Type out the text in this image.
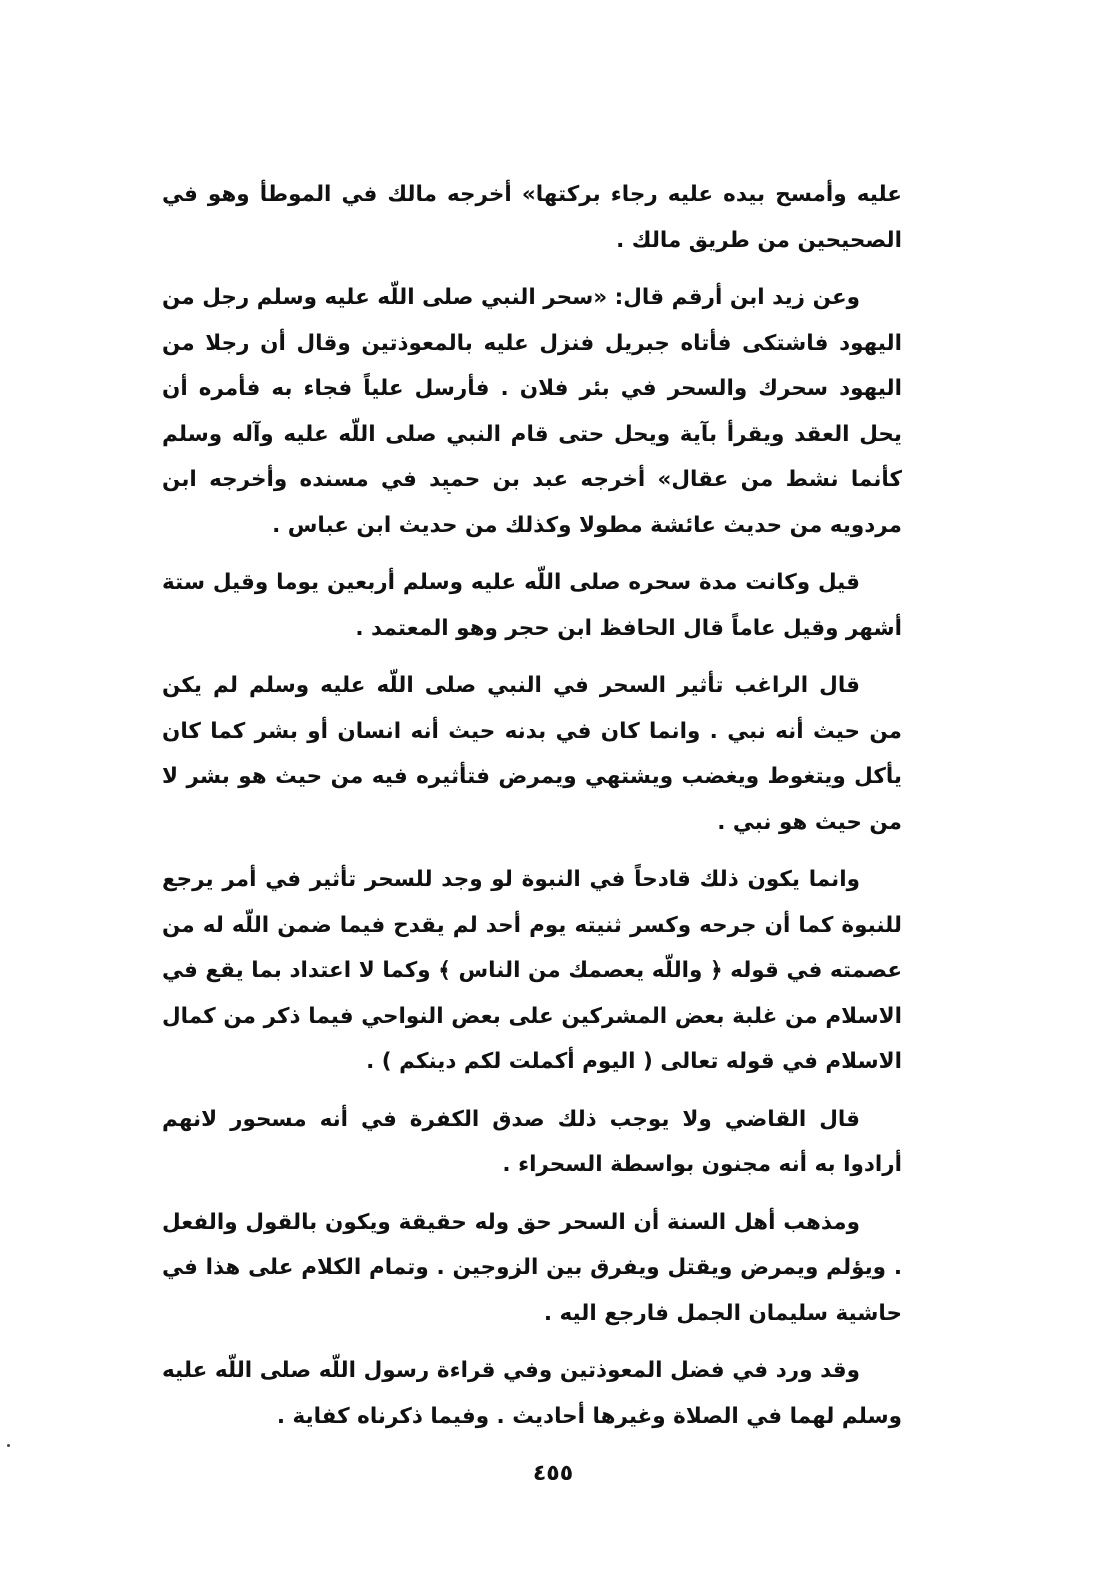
عليه وأمسح بيده عليه رجاء بركتها» أخرجه مالك في الموطأ وهو في الصحيحين من طريق مالك .

وعن زيد ابن أرقم قال: «سحر النبي صلى اللّه عليه وسلم رجل من اليهود فاشتكى فأتاه جبريل فنزل عليه بالمعوذتين وقال أن رجلا من اليهود سحرك والسحر في بئر فلان . فأرسل علياً فجاء به فأمره أن يحل العقد ويقرأ بآية ويحل حتى قام النبي صلى اللّه عليه وآله وسلم كأنما نشط من عقال» أخرجه عبد بن حميد في مسنده وأخرجه ابن مردويه من حديث عائشة مطولا وكذلك من حديث ابن عباس .

قيل وكانت مدة سحره صلى اللّه عليه وسلم أربعين يوما وقيل ستة أشهر وقيل عاماً قال الحافظ ابن حجر وهو المعتمد .

قال الراغب تأثير السحر في النبي صلى اللّه عليه وسلم لم يكن من حيث أنه نبي . وانما كان في بدنه حيث أنه انسان أو بشر كما كان يأكل ويتغوط ويغضب ويشتهي ويمرض فتأثيره فيه من حيث هو بشر لا من حيث هو نبي .

وانما يكون ذلك قادحاً في النبوة لو وجد للسحر تأثير في أمر يرجع للنبوة كما أن جرحه وكسر ثنيته يوم أحد لم يقدح فيما ضمن اللّه له من عصمته في قوله ﴿ واللّه يعصمك من الناس ﴾ وكما لا اعتداد بما يقع في الاسلام من غلبة بعض المشركين على بعض النواحي فيما ذكر من كمال الاسلام في قوله تعالى ( اليوم أكملت لكم دينكم ) .

قال القاضي ولا يوجب ذلك صدق الكفرة في أنه مسحور لانهم أرادوا به أنه مجنون بواسطة السحراء .

ومذهب أهل السنة أن السحر حق وله حقيقة ويكون بالقول والفعل . ويؤلم ويمرض ويقتل ويفرق بين الزوجين . وتمام الكلام على هذا في حاشية سليمان الجمل فارجع اليه .

وقد ورد في فضل المعوذتين وفي قراءة رسول اللّه صلى اللّه عليه وسلم لهما في الصلاة وغيرها أحاديث . وفيما ذكرناه كفاية .

٤٥٥
